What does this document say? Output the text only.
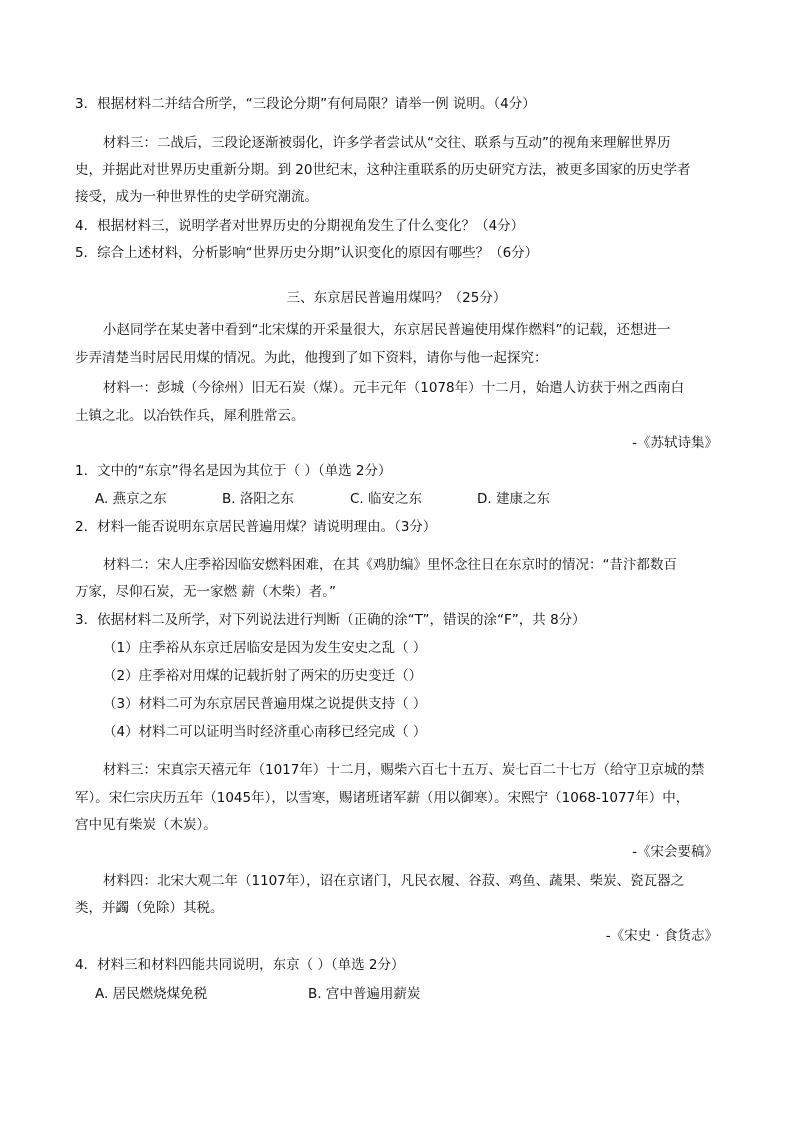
3．根据材料二并结合所学，“三段论分期”有何局限？请举一例 说明。（4分）
材料三：二战后，三段论逐渐被弱化，许多学者尝试从“交往、联系与互动”的视角来理解世界历
史，并据此对世界历史重新分期。到 20世纪末，这种注重联系的历史研究方法，被更多国家的历史学者
接受，成为一种世界性的史学研究潮流。
4．根据材料三，说明学者对世界历史的分期视角发生了什么变化？（4分）
5．综合上述材料，分析影响“世界历史分期”认识变化的原因有哪些？（6分）
三、东京居民普遍用煤吗？（25分）
小赵同学在某史著中看到“北宋煤的开采量很大，东京居民普遍使用煤作燃料”的记载，还想进一
步弄清楚当时居民用煤的情况。为此，他搜到了如下资料，请你与他一起探究：
材料一：彭城（今徐州）旧无石炭（煤）。元丰元年（1078年）十二月，始遣人访获于州之西南白
土镇之北。以冶铁作兵，犀利胜常云。
-《苏轼诗集》
1．文中的“东京”得名是因为其位于（ ）（单选 2分）
A. 燕京之东	B. 洛阳之东	C. 临安之东	D. 建康之东
2．材料一能否说明东京居民普遍用煤？请说明理由。（3分）
材料二：宋人庄季裕因临安燃料困难，在其《鸡肋编》里怀念往日在东京时的情况：“昔汴都数百
万家，尽仰石炭，无一家燃 薪（木柴）者。”
3．依据材料二及所学，对下列说法进行判断（正确的涂“T”，错误的涂“F”，共 8分）
（1）庄季裕从东京迁居临安是因为发生安史之乱（ ）
（2）庄季裕对用煤的记载折射了两宋的历史变迁（）
（3）材料二可为东京居民普遍用煤之说提供支持（ ）
（4）材料二可以证明当时经济重心南移已经完成（ ）
材料三：宋真宗天禧元年（1017年）十二月，赐柴六百七十五万、炭七百二十七万（给守卫京城的禁
军）。宋仁宗庆历五年（1045年），以雪寒，赐诸班诸军薪（用以御寒）。宋熙宁（1068-1077年）中，
宫中见有柴炭（木炭）。
-《宋会要稿》
材料四：北宋大观二年（1107年），诏在京诸门，凡民衣履、谷菽、鸡鱼、蔬果、柴炭、瓷瓦器之
类，并蠲（免除）其税。
-《宋史 · 食货志》
4．材料三和材料四能共同说明，东京（ ）（单选 2分）
A. 居民燃烧煤免税	B. 宫中普遍用薪炭
